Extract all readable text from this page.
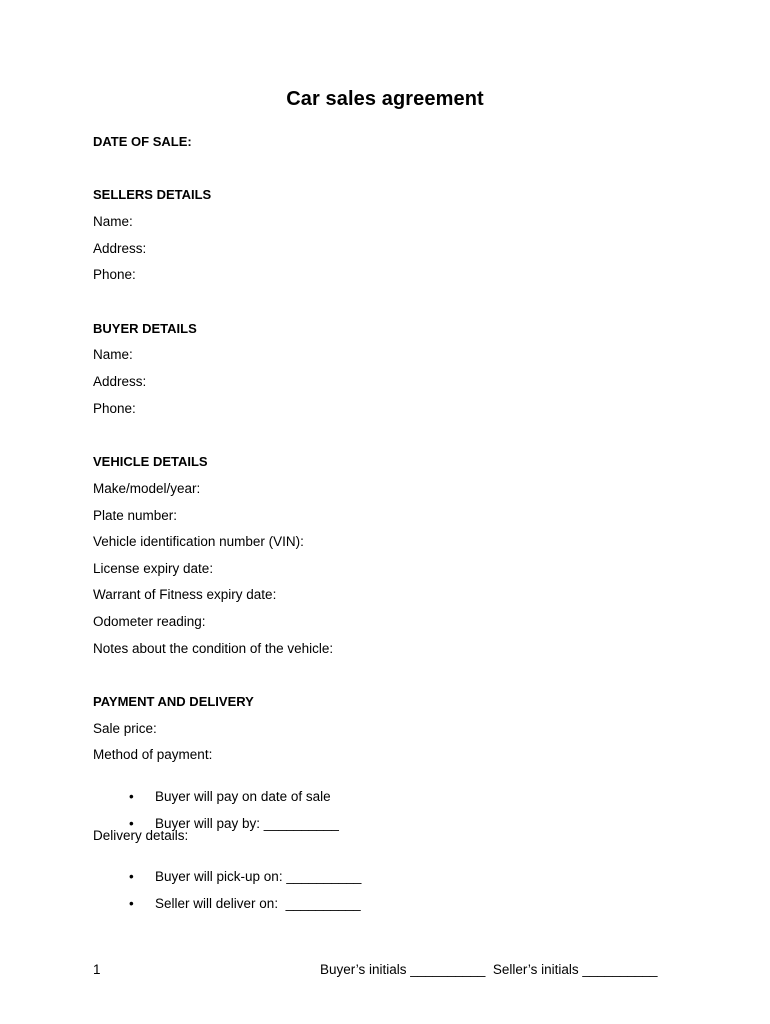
Car sales agreement
DATE OF SALE:
SELLERS DETAILS
Name:
Address:
Phone:
BUYER DETAILS
Name:
Address:
Phone:
VEHICLE DETAILS
Make/model/year:
Plate number:
Vehicle identification number (VIN):
License expiry date:
Warrant of Fitness expiry date:
Odometer reading:
Notes about the condition of the vehicle:
PAYMENT AND DELIVERY
Sale price:
Method of payment:

• Buyer will pay on date of sale

• Buyer will pay by: __________

Delivery details:

• Buyer will pick-up on: __________

• Seller will deliver on:  __________

1	Buyer’s initials __________  Seller’s initials __________
